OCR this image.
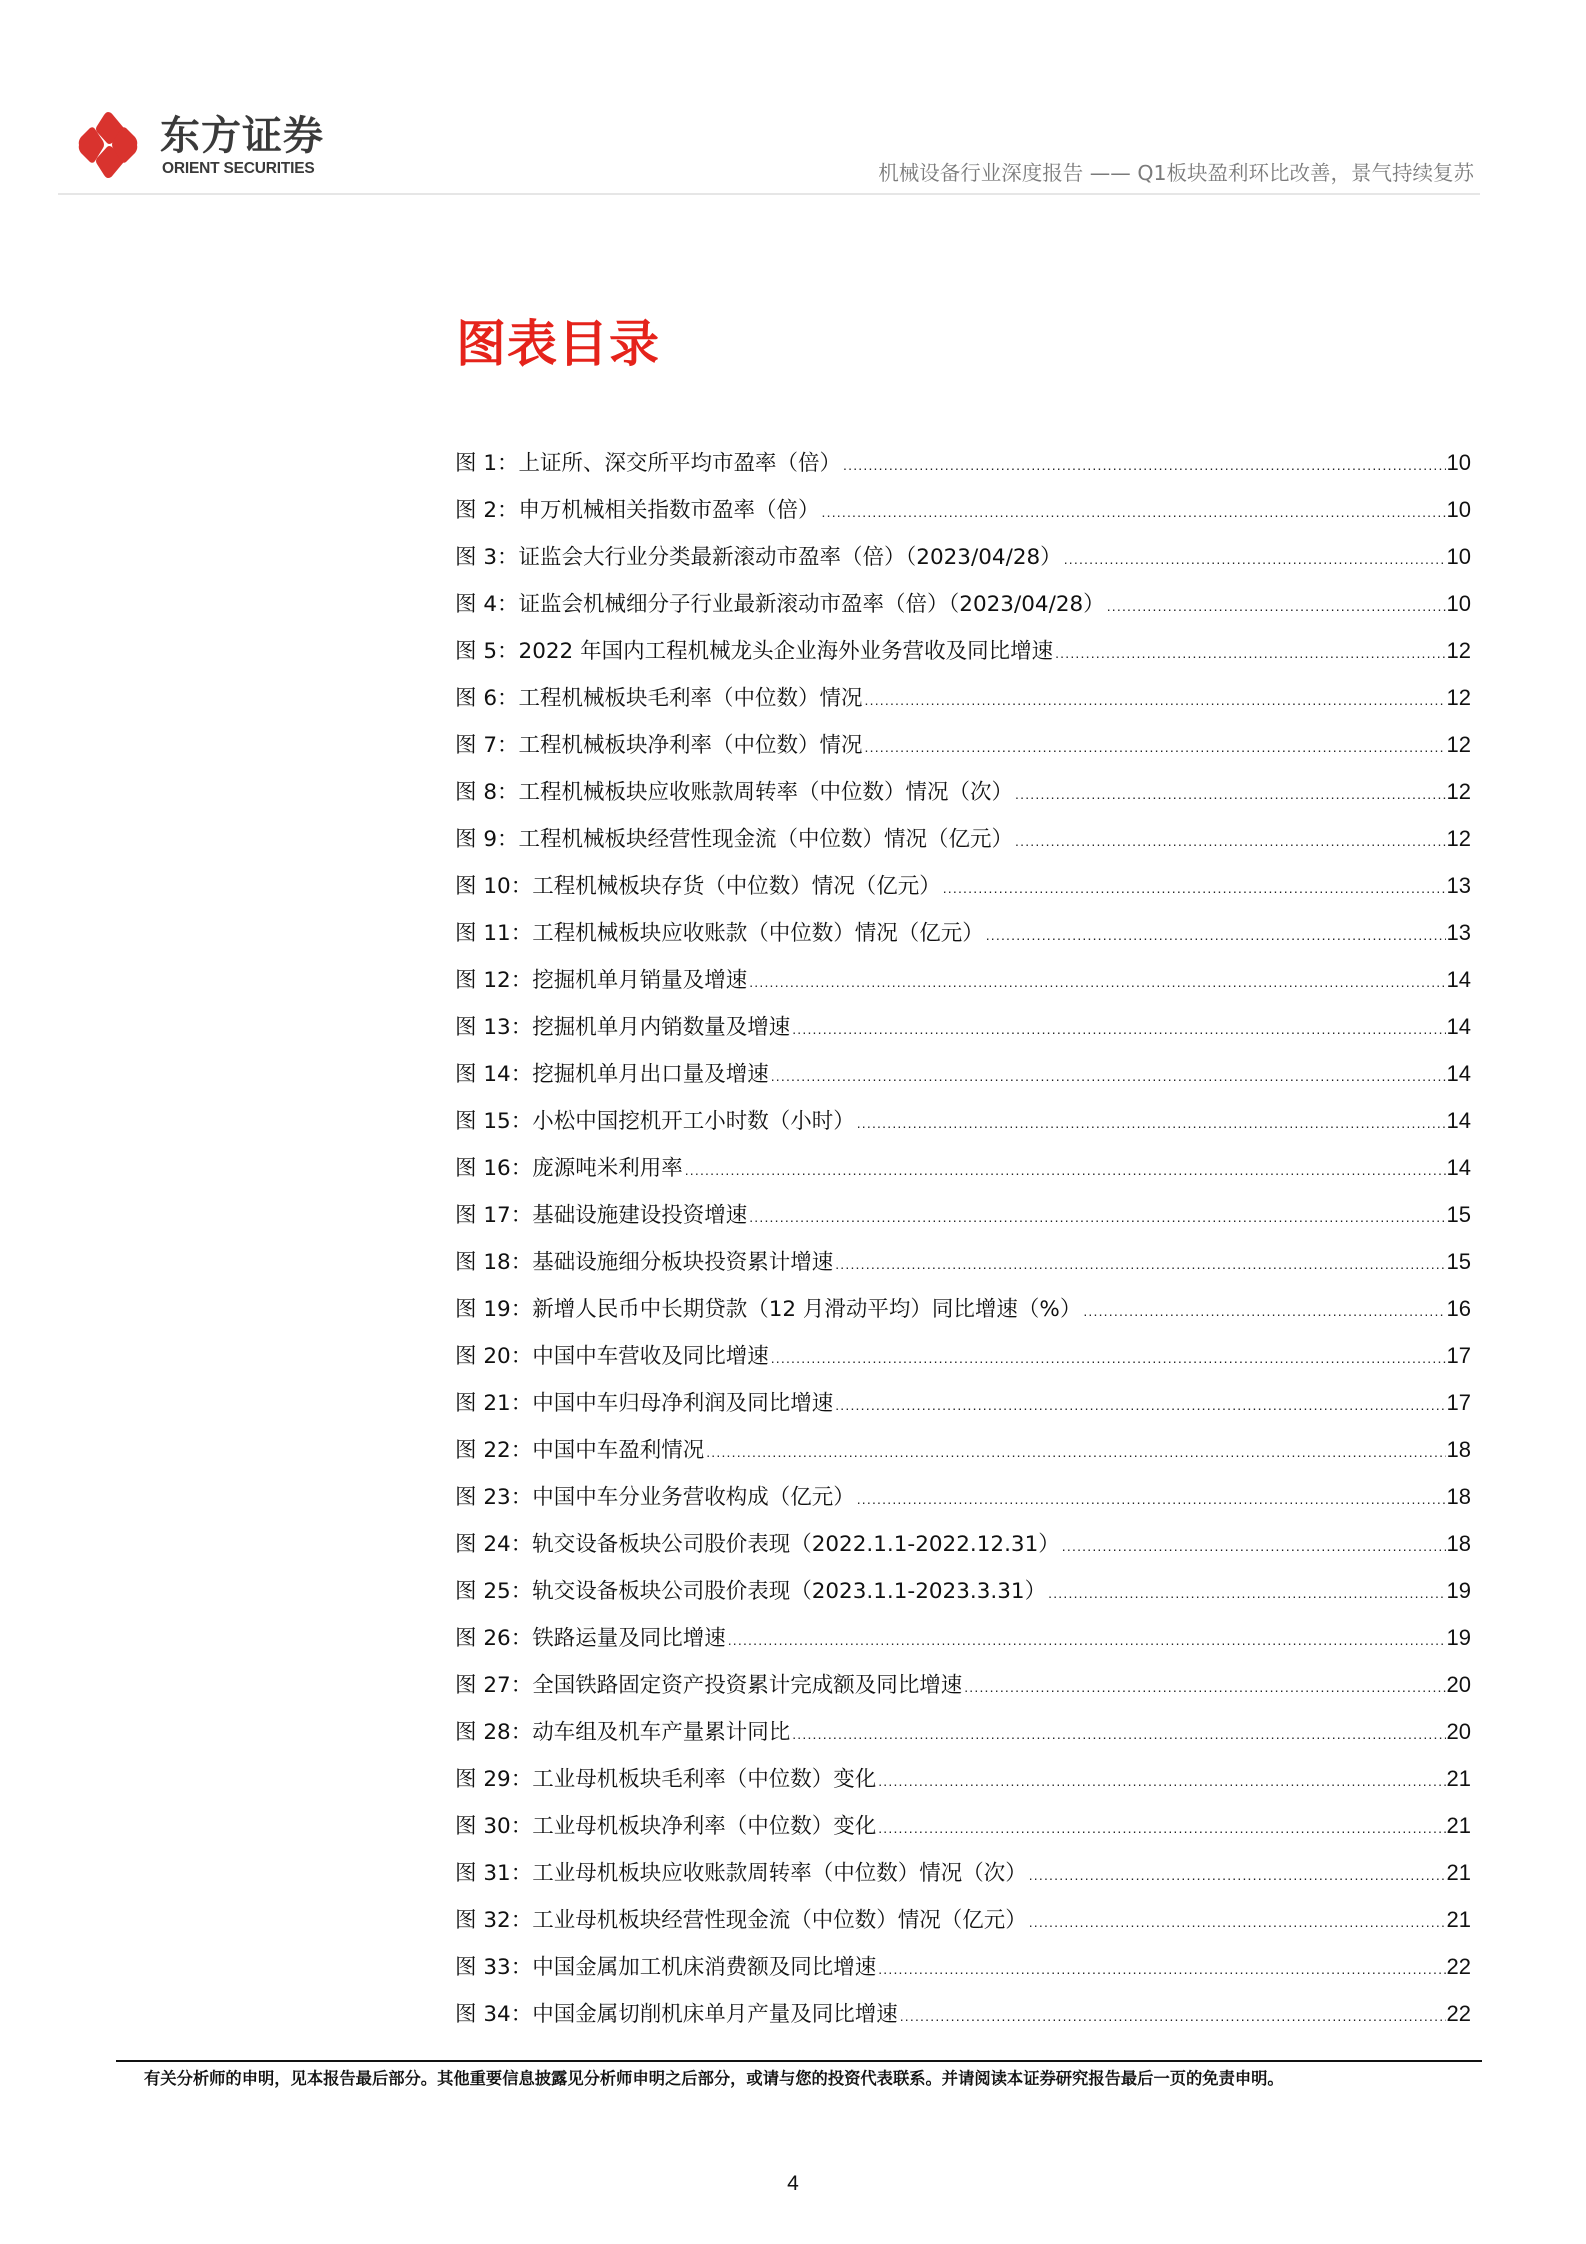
东方证券
ORIENT SECURITIES	机械设备行业深度报告 —— Q1板块盈利环比改善，景气持续复苏
图表目录
图 1：上证所、深交所平均市盈率（倍） .....	10
图 2：申万机械相关指数市盈率（倍） .....	10
图 3：证监会大行业分类最新滚动市盈率（倍）（2023/04/28） .....	10
图 4：证监会机械细分子行业最新滚动市盈率（倍）（2023/04/28） .....	10
图 5：2022 年国内工程机械龙头企业海外业务营收及同比增速 .....	12
图 6：工程机械板块毛利率（中位数）情况 .....	12
图 7：工程机械板块净利率（中位数）情况 .....	12
图 8：工程机械板块应收账款周转率（中位数）情况（次） .....	12
图 9：工程机械板块经营性现金流（中位数）情况（亿元） .....	12
图 10：工程机械板块存货（中位数）情况（亿元） .....	13
图 11：工程机械板块应收账款（中位数）情况（亿元） .....	13
图 12：挖掘机单月销量及增速 .....	14
图 13：挖掘机单月内销数量及增速 .....	14
图 14：挖掘机单月出口量及增速 .....	14
图 15：小松中国挖机开工小时数（小时） .....	14
图 16：庞源吨米利用率 .....	14
图 17：基础设施建设投资增速 .....	15
图 18：基础设施细分板块投资累计增速 .....	15
图 19：新增人民币中长期贷款（12 月滑动平均）同比增速（%） .....	16
图 20：中国中车营收及同比增速 .....	17
图 21：中国中车归母净利润及同比增速 .....	17
图 22：中国中车盈利情况 .....	18
图 23：中国中车分业务营收构成（亿元） .....	18
图 24：轨交设备板块公司股价表现（2022.1.1-2022.12.31） .....	18
图 25：轨交设备板块公司股价表现（2023.1.1-2023.3.31） .....	19
图 26：铁路运量及同比增速 .....	19
图 27：全国铁路固定资产投资累计完成额及同比增速 .....	20
图 28：动车组及机车产量累计同比 .....	20
图 29：工业母机板块毛利率（中位数）变化 .....	21
图 30：工业母机板块净利率（中位数）变化 .....	21
图 31：工业母机板块应收账款周转率（中位数）情况（次） .....	21
图 32：工业母机板块经营性现金流（中位数）情况（亿元） .....	21
图 33：中国金属加工机床消费额及同比增速 .....	22
图 34：中国金属切削机床单月产量及同比增速 .....	22
有关分析师的申明，见本报告最后部分。其他重要信息披露见分析师申明之后部分，或请与您的投资代表联系。并请阅读本证券研究报告最后一页的免责申明。
4
